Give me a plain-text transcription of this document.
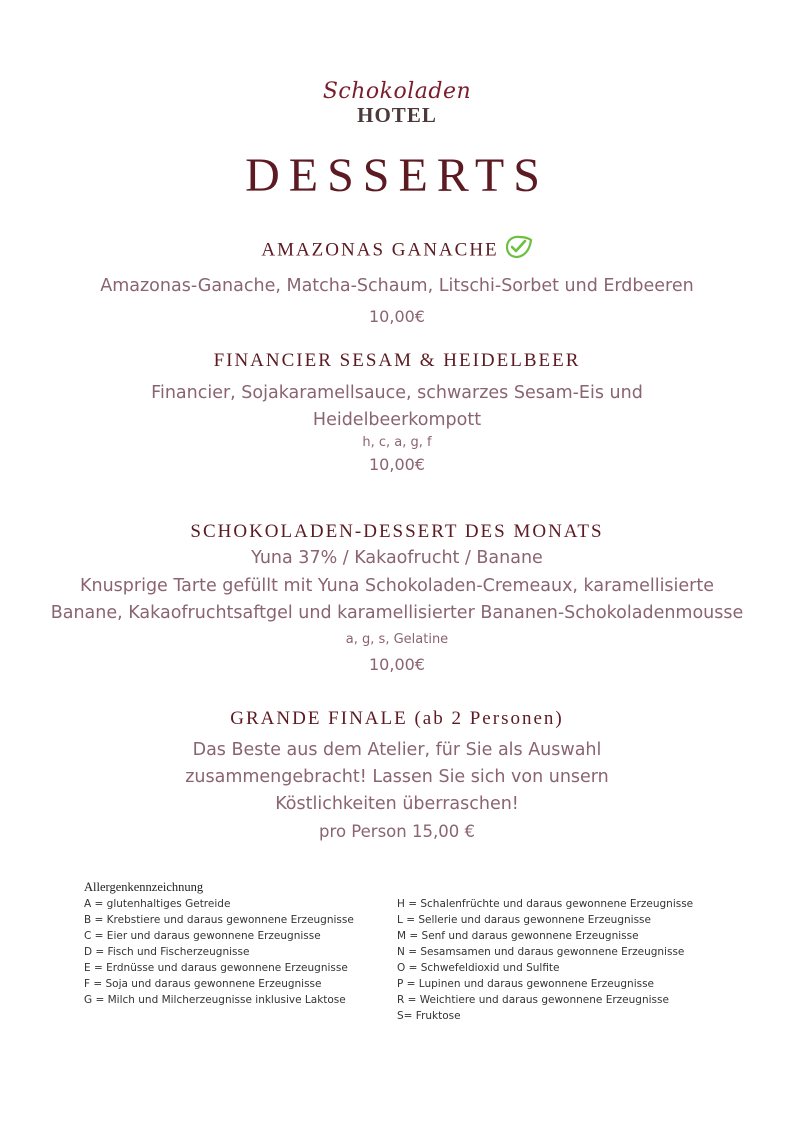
Schokoladen
HOTEL
DESSERTS
AMAZONAS GANACHE
Amazonas-Ganache, Matcha-Schaum, Litschi-Sorbet und Erdbeeren
10,00€
FINANCIER SESAM & HEIDELBEER
Financier, Sojakaramellsauce, schwarzes Sesam-Eis und
Heidelbeerkompott
h, c, a, g, f
10,00€
SCHOKOLADEN-DESSERT DES MONATS
Yuna 37% / Kakaofrucht / Banane
Knusprige Tarte gefüllt mit Yuna Schokoladen-Cremeaux, karamellisierte
Banane, Kakaofruchtsaftgel und karamellisierter Bananen-Schokoladenmousse
a, g, s, Gelatine
10,00€
GRANDE FINALE (ab 2 Personen)
Das Beste aus dem Atelier, für Sie als Auswahl
zusammengebracht! Lassen Sie sich von unsern
Köstlichkeiten überraschen!
pro Person 15,00 €
Allergenkennzeichnung
A = glutenhaltiges Getreide
B = Krebstiere und daraus gewonnene Erzeugnisse
C = Eier und daraus gewonnene Erzeugnisse
D = Fisch und Fischerzeugnisse
E = Erdnüsse und daraus gewonnene Erzeugnisse
F = Soja und daraus gewonnene Erzeugnisse
G = Milch und Milcherzeugnisse inklusive Laktose
H = Schalenfrüchte und daraus gewonnene Erzeugnisse
L = Sellerie und daraus gewonnene Erzeugnisse
M = Senf und daraus gewonnene Erzeugnisse
N = Sesamsamen und daraus gewonnene Erzeugnisse
O = Schwefeldioxid und Sulfite
P = Lupinen und daraus gewonnene Erzeugnisse
R = Weichtiere und daraus gewonnene Erzeugnisse
S= Fruktose
